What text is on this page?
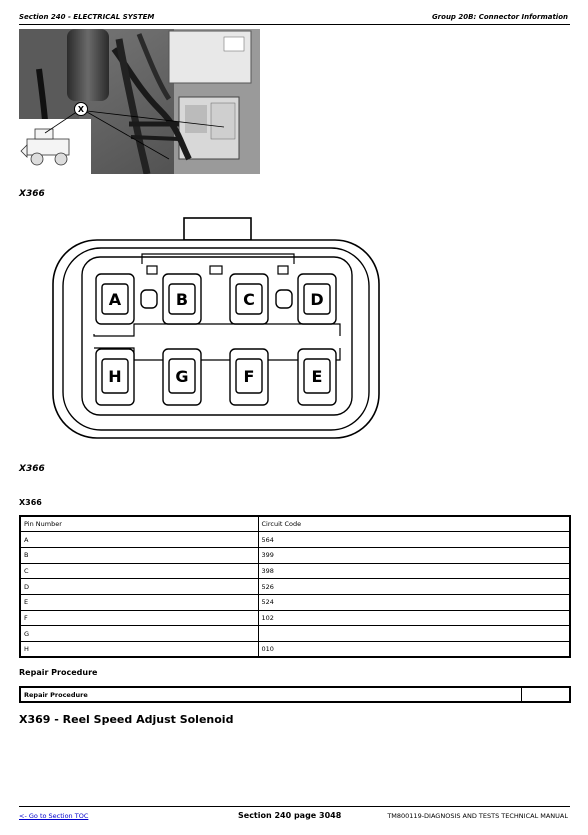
Section 240 - ELECTRICAL SYSTEM	Group 20B: Connector Information
X
X366
A	B	C	D
H	G	F	E
X366
X366
Pin Number	Circuit Code
A	564
B	399
C	398
D	526
E	524
F	102
G	
H	010
Repair Procedure
Repair Procedure
X369 - Reel Speed Adjust Solenoid
<- Go to Section TOC	Section 240 page 3048	TM800119-DIAGNOSIS AND TESTS TECHNICAL MANUAL
